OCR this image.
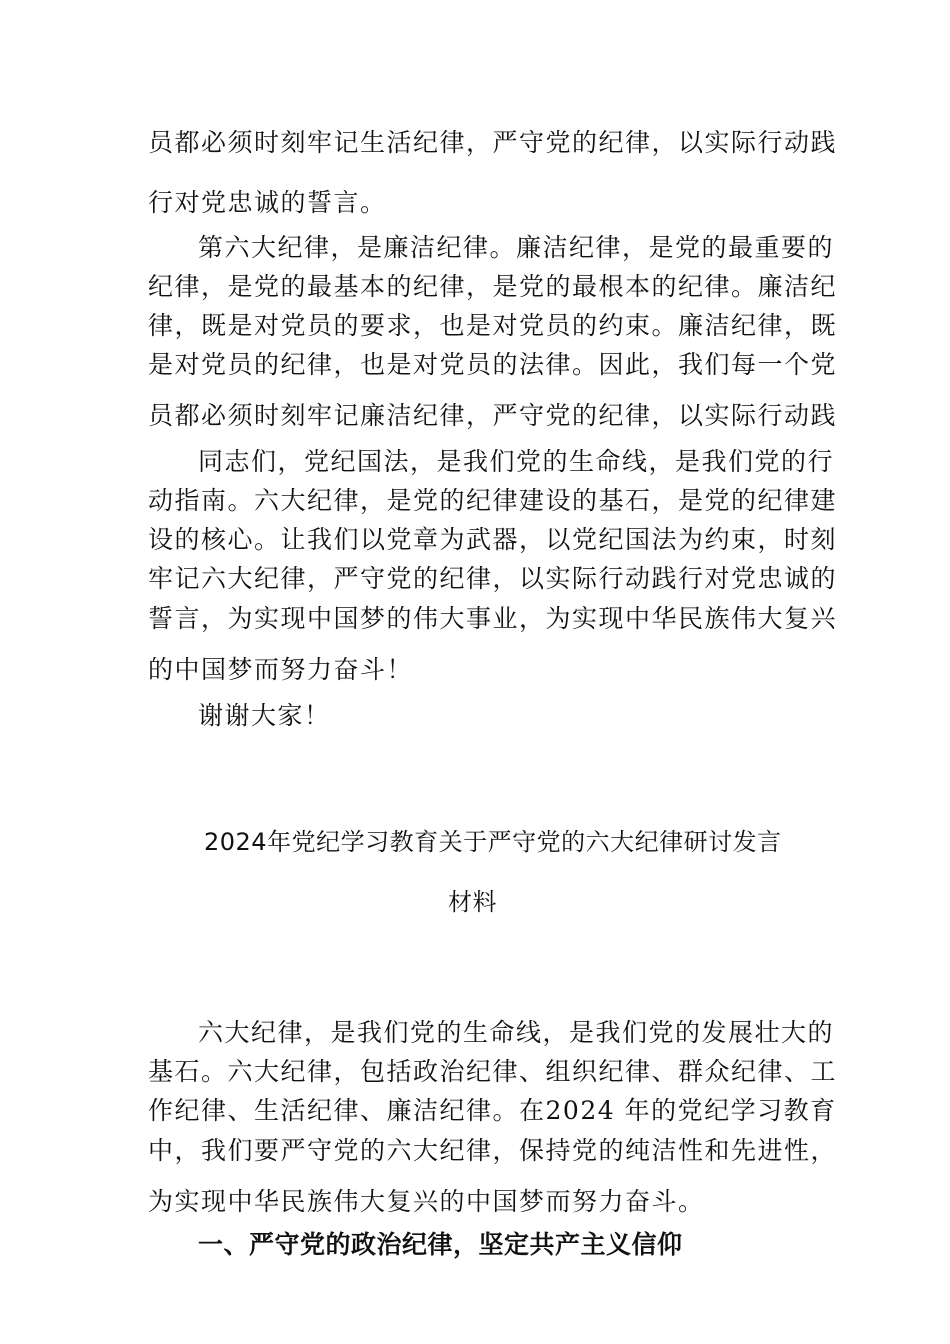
员都必须时刻牢记生活纪律，严守党的纪律，以实际行动践
行对党忠诚的誓言。
第六大纪律，是廉洁纪律。廉洁纪律，是党的最重要的
纪律，是党的最基本的纪律，是党的最根本的纪律。廉洁纪
律，既是对党员的要求，也是对党员的约束。廉洁纪律，既
是对党员的纪律，也是对党员的法律。因此，我们每一个党
员都必须时刻牢记廉洁纪律，严守党的纪律，以实际行动践
同志们，党纪国法，是我们党的生命线，是我们党的行
动指南。六大纪律，是党的纪律建设的基石，是党的纪律建
设的核心。让我们以党章为武器，以党纪国法为约束，时刻
牢记六大纪律，严守党的纪律，以实际行动践行对党忠诚的
誓言，为实现中国梦的伟大事业，为实现中华民族伟大复兴
的中国梦而努力奋斗！
谢谢大家！
2024年党纪学习教育关于严守党的六大纪律研讨发言
材料
六大纪律，是我们党的生命线，是我们党的发展壮大的
基石。六大纪律，包括政治纪律、组织纪律、群众纪律、工
作纪律、生活纪律、廉洁纪律。在2024 年的党纪学习教育
中，我们要严守党的六大纪律，保持党的纯洁性和先进性，
为实现中华民族伟大复兴的中国梦而努力奋斗。
一、严守党的政治纪律，坚定共产主义信仰
